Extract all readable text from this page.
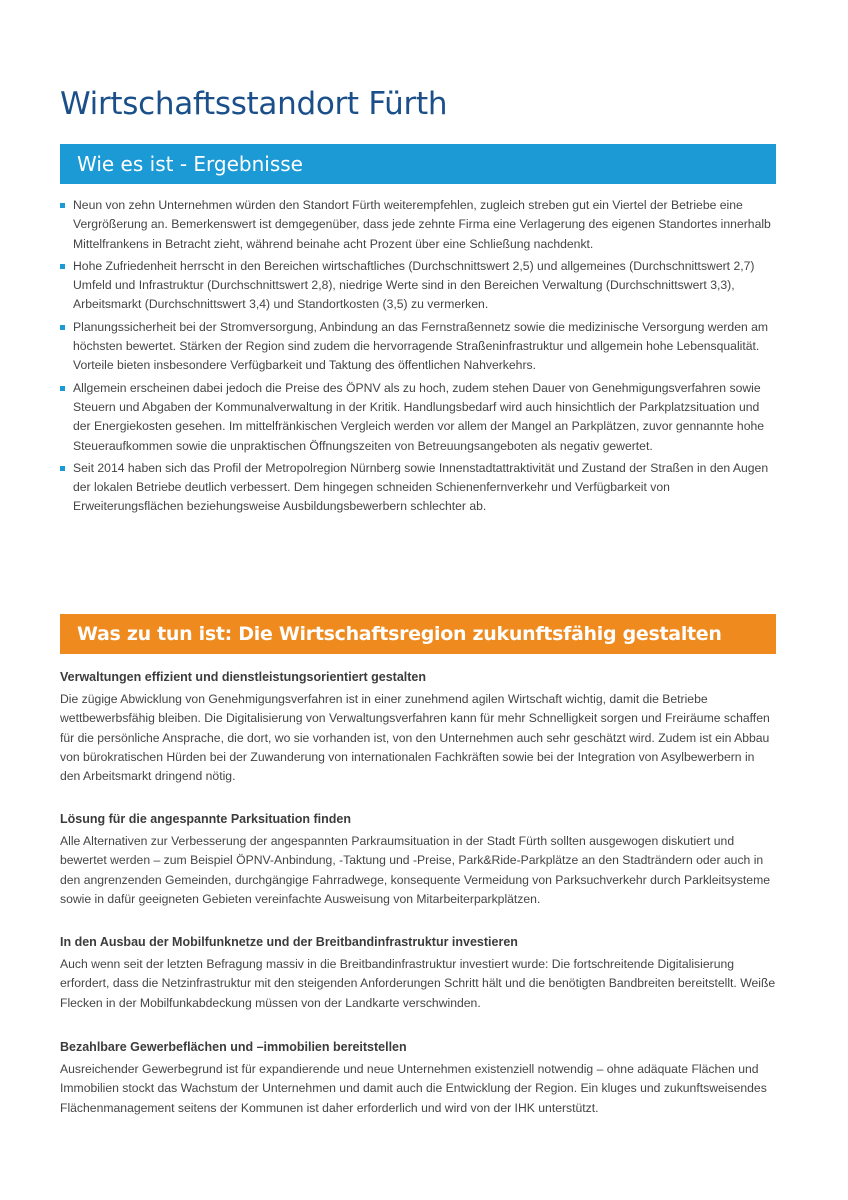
Wirtschaftsstandort Fürth
Wie es ist - Ergebnisse
Neun von zehn Unternehmen würden den Standort Fürth weiterempfehlen, zugleich streben gut ein Viertel der Betriebe eine Vergrößerung an. Bemerkenswert ist demgegenüber, dass jede zehnte Firma eine Verlagerung des eigenen Standortes innerhalb Mittelfrankens in Betracht zieht, während beinahe acht Prozent über eine Schließung nachdenkt.
Hohe Zufriedenheit herrscht in den Bereichen wirtschaftliches (Durchschnittswert 2,5) und allgemeines (Durchschnittswert 2,7) Umfeld und Infrastruktur (Durchschnittswert 2,8), niedrige Werte sind in den Bereichen Verwaltung (Durchschnittswert 3,3), Arbeitsmarkt (Durchschnittswert 3,4) und Standortkosten (3,5) zu vermerken.
Planungssicherheit bei der Stromversorgung, Anbindung an das Fernstraßennetz sowie die medizinische Versorgung werden am höchsten bewertet. Stärken der Region sind zudem die hervorragende Straßeninfrastruktur und allgemein hohe Lebensqualität. Vorteile bieten insbesondere Verfügbarkeit und Taktung des öffentlichen Nahverkehrs.
Allgemein erscheinen dabei jedoch die Preise des ÖPNV als zu hoch, zudem stehen Dauer von Genehmigungsverfahren sowie Steuern und Abgaben der Kommunalverwaltung in der Kritik. Handlungsbedarf wird auch hinsichtlich der Parkplatzsituation und der Energiekosten gesehen. Im mittelfränkischen Vergleich werden vor allem der Mangel an Parkplätzen, zuvor gennannte hohe Steueraufkommen sowie die unpraktischen Öffnungszeiten von Betreuungsangeboten als negativ gewertet.
Seit 2014 haben sich das Profil der Metropolregion Nürnberg sowie Innenstadtattraktivität und Zustand der Straßen in den Augen der lokalen Betriebe deutlich verbessert. Dem hingegen schneiden Schienenfernverkehr und Verfügbarkeit von Erweiterungsflächen beziehungsweise Ausbildungsbewerbern schlechter ab.
Was zu tun ist: Die Wirtschaftsregion zukunftsfähig gestalten
Verwaltungen effizient und dienstleistungsorientiert gestalten

Die zügige Abwicklung von Genehmigungsverfahren ist in einer zunehmend agilen Wirtschaft wichtig, damit die Betriebe wettbewerbsfähig bleiben. Die Digitalisierung von Verwaltungsverfahren kann für mehr Schnelligkeit sorgen und Freiräume schaffen für die persönliche Ansprache, die dort, wo sie vorhanden ist, von den Unternehmen auch sehr geschätzt wird. Zudem ist ein Abbau von bürokratischen Hürden bei der Zuwanderung von internationalen Fachkräften sowie bei der Integration von Asylbewerbern in den Arbeitsmarkt dringend nötig.

Lösung für die angespannte Parksituation finden

Alle Alternativen zur Verbesserung der angespannten Parkraumsituation in der Stadt Fürth sollten ausgewogen diskutiert und bewertet werden – zum Beispiel ÖPNV-Anbindung, -Taktung und -Preise, Park&Ride-Parkplätze an den Stadträndern oder auch in den angrenzenden Gemeinden, durchgängige Fahrradwege, konsequente Vermeidung von Parksuchverkehr durch Parkleitsysteme sowie in dafür geeigneten Gebieten vereinfachte Ausweisung von Mitarbeiterparkplätzen.

In den Ausbau der Mobilfunknetze und der Breitbandinfrastruktur investieren

Auch wenn seit der letzten Befragung massiv in die Breitbandinfrastruktur investiert wurde: Die fortschreitende Digitalisierung erfordert, dass die Netzinfrastruktur mit den steigenden Anforderungen Schritt hält und die benötigten Bandbreiten bereitstellt. Weiße Flecken in der Mobilfunkabdeckung müssen von der Landkarte verschwinden.

Bezahlbare Gewerbeflächen und –immobilien bereitstellen

Ausreichender Gewerbegrund ist für expandierende und neue Unternehmen existenziell notwendig – ohne adäquate Flächen und Immobilien stockt das Wachstum der Unternehmen und damit auch die Entwicklung der Region. Ein kluges und zukunftsweisendes Flächenmanagement seitens der Kommunen ist daher erforderlich und wird von der IHK unterstützt.
